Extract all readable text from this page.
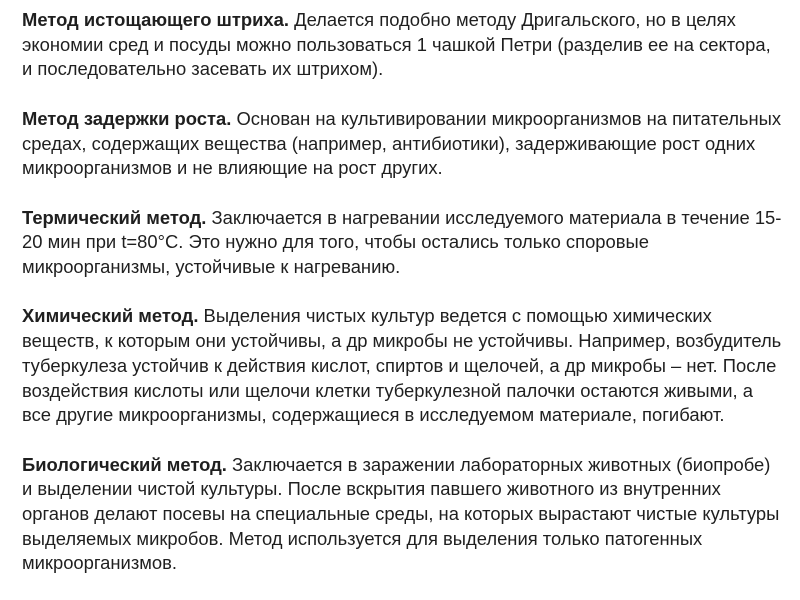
Метод истощающего штриха. Делается подобно методу Дригальского, но в целях экономии сред и посуды можно пользоваться 1 чашкой Петри (разделив ее на сектора, и последовательно засевать их штрихом).

Метод задержки роста. Основан на культивировании микроорганизмов на питательных средах, содержащих вещества (например, антибиотики), задерживающие рост одних микроорганизмов и не влияющие на рост других.

Термический метод. Заключается в нагревании исследуемого материала в течение 15-20 мин при t=80°С. Это нужно для того, чтобы остались только споровые микроорганизмы, устойчивые к нагреванию.

Химический метод. Выделения чистых культур ведется с помощью химических веществ, к которым они устойчивы, а др микробы не устойчивы. Например, возбудитель туберкулеза устойчив к действия кислот, спиртов и щелочей, а др микробы – нет. После воздействия кислоты или щелочи клетки туберкулезной палочки остаются живыми, а все другие микроорганизмы, содержащиеся в исследуемом материале, погибают.

Биологический метод. Заключается в заражении лабораторных животных (биопробе) и выделении чистой культуры. После вскрытия павшего животного из внутренних органов делают посевы на специальные среды, на которых вырастают чистые культуры выделяемых микробов. Метод используется для выделения только патогенных микроорганизмов.
